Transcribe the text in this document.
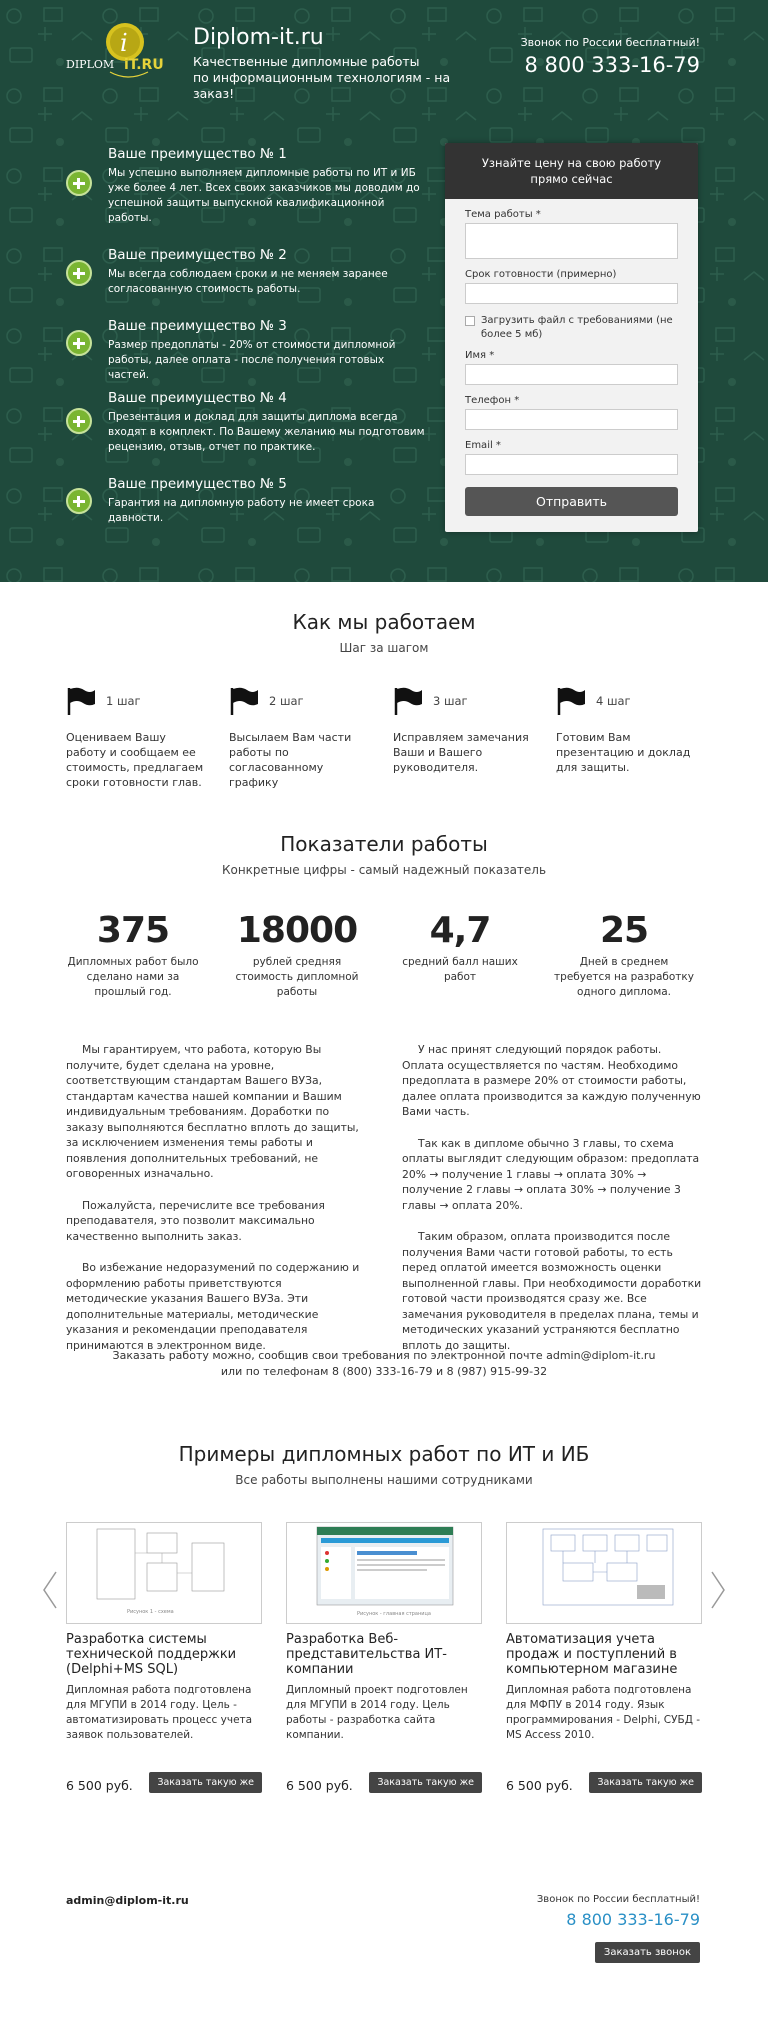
i
DIPLOM iT.RU
Diplom-it.ru
Качественные дипломные работы
по информационным технологиям - на заказ!
Звонок по России бесплатный!
8 800 333-16-79
Ваше преимущество № 1

Мы успешно выполняем дипломные работы по ИТ и ИБ уже более 4 лет. Всех своих заказчиков мы доводим до успешной защиты выпускной квалификационной работы.

Ваше преимущество № 2

Мы всегда соблюдаем сроки и не меняем заранее согласованную стоимость работы.

Ваше преимущество № 3

Размер предоплаты - 20% от стоимости дипломной работы, далее оплата - после получения готовых частей.

Ваше преимущество № 4

Презентация и доклад для защиты диплома всегда входят в комплект. По Вашему желанию мы подготовим рецензию, отзыв, отчет по практике.

Ваше преимущество № 5

Гарантия на дипломную работу не имеет срока давности.

Узнайте цену на свою работу
прямо сейчас
Тема работы *
Срок готовности (примерно)
Загрузить файл с требованиями (не более 5 мб)
Имя *
Телефон *
Email *
Отправить
Как мы работаем
Шаг за шагом
1 шаг

Оцениваем Вашу работу и сообщаем ее стоимость, предлагаем сроки готовности глав.

2 шаг

Высылаем Вам части работы по согласованному графику

3 шаг

Исправляем замечания Ваши и Вашего руководителя.

4 шаг

Готовим Вам презентацию и доклад для защиты.

Показатели работы
Конкретные цифры - самый надежный показатель
375
Дипломных работ было сделано нами за прошлый год.
18000
рублей средняя стоимость дипломной работы
4,7
средний балл наших работ
25
Дней в среднем требуется на разработку одного диплома.

Мы гарантируем, что работа, которую Вы получите, будет сделана на уровне, соответствующим стандартам Вашего ВУЗа, стандартам качества нашей компании и Вашим индивидуальным требованиям. Доработки по заказу выполняются бесплатно вплоть до защиты, за исключением изменения темы работы и появления дополнительных требований, не оговоренных изначально.

Пожалуйста, перечислите все требования преподавателя, это позволит максимально качественно выполнить заказ.

Во избежание недоразумений по содержанию и оформлению работы приветствуются методические указания Вашего ВУЗа. Эти дополнительные материалы, методические указания и рекомендации преподавателя принимаются в электронном виде.

У нас принят следующий порядок работы. Оплата осуществляется по частям. Необходимо предоплата в размере 20% от стоимости работы, далее оплата производится за каждую полученную Вами часть.

Так как в дипломе обычно 3 главы, то схема оплаты выглядит следующим образом: предоплата 20% → получение 1 главы → оплата 30% → получение 2 главы → оплата 30% → получение 3 главы → оплата 20%.

Таким образом, оплата производится после получения Вами части готовой работы, то есть перед оплатой имеется возможность оценки выполненной главы. При необходимости доработки готовой части производятся сразу же. Все замечания руководителя в пределах плана, темы и методических указаний устраняются бесплатно вплоть до защиты.

Заказать работу можно, сообщив свои требования по электронной почте admin@diplom-it.ru
или по телефонам 8 (800) 333-16-79 и 8 (987) 915-99-32
Примеры дипломных работ по ИТ и ИБ
Все работы выполнены нашими сотрудниками
Рисунок 1 - схема
Разработка системы технической поддержки (Delphi+MS SQL)

Дипломная работа подготовлена для МГУПИ в 2014 году. Цель - автоматизировать процесс учета заявок пользователей.

6 500 руб.	Заказать такую же
Рисунок - главная страница
Разработка Веб-представительства ИТ-компании

Дипломный проект подготовлен для МГУПИ в 2014 году. Цель работы - разработка сайта компании.

6 500 руб.	Заказать такую же
Автоматизация учета продаж и поступлений в компьютерном магазине

Дипломная работа подготовлена для МФПУ в 2014 году. Язык программирования - Delphi, СУБД - MS Access 2010.

6 500 руб.	Заказать такую же
admin@diplom-it.ru	Звонок по России бесплатный!
8 800 333-16-79
Заказать звонок
